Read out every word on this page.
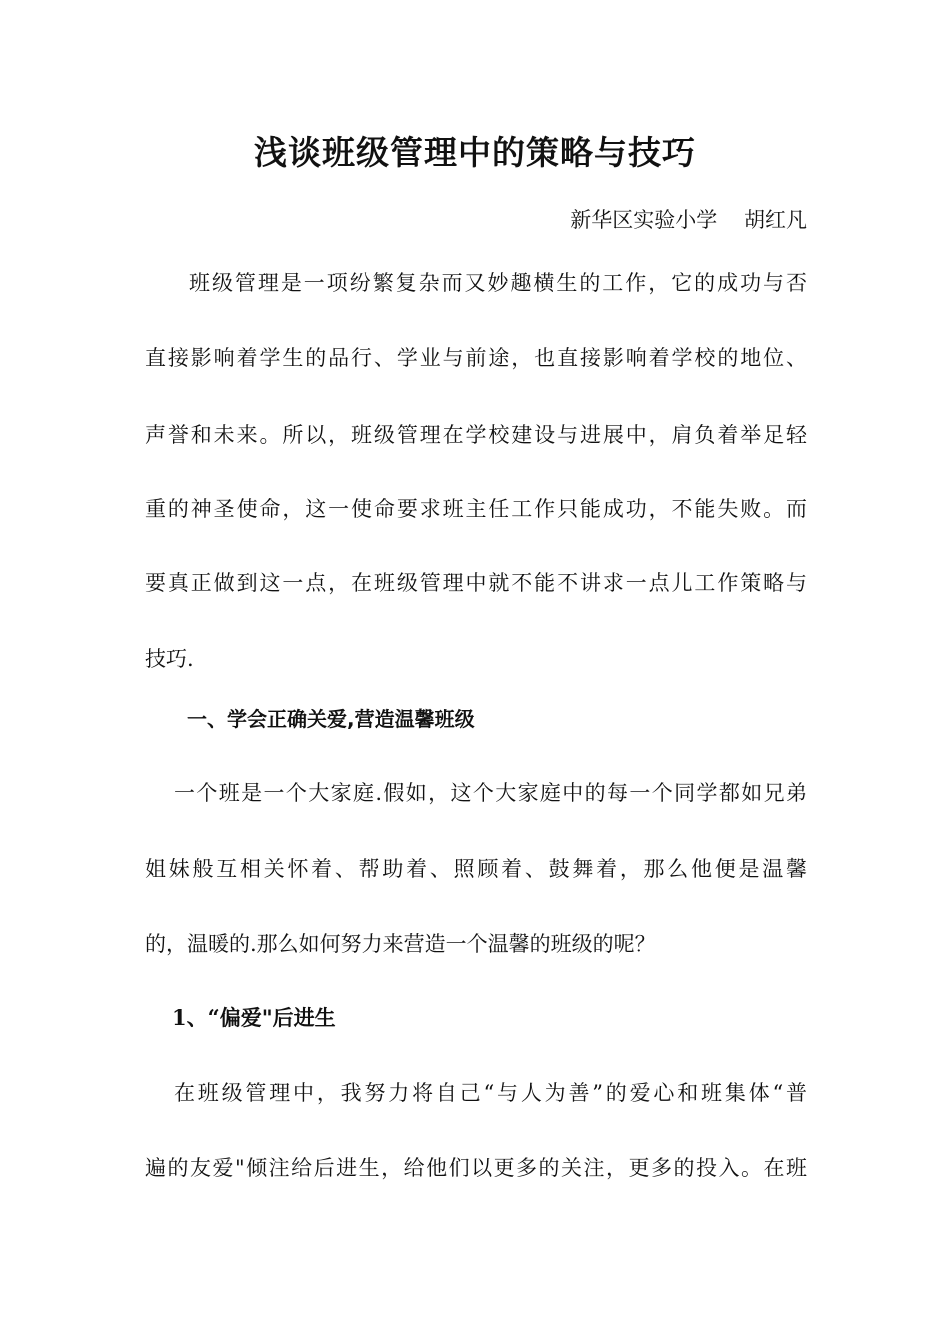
浅谈班级管理中的策略与技巧
新华区实验小学    胡红凡

班级管理是一项纷繁复杂而又妙趣横生的工作，它的成功与否

直接影响着学生的品行、学业与前途，也直接影响着学校的地位、

声誉和未来。所以，班级管理在学校建设与进展中，肩负着举足轻

重的神圣使命，这一使命要求班主任工作只能成功，不能失败。而

要真正做到这一点，在班级管理中就不能不讲求一点儿工作策略与

技巧.

一、学会正确关爱,营造温馨班级

一个班是一个大家庭.假如，这个大家庭中的每一个同学都如兄弟

姐妹般互相关怀着、帮助着、照顾着、鼓舞着，那么他便是温馨

的，温暖的.那么如何努力来营造一个温馨的班级的呢？

1、“偏爱"后进生

在班级管理中，我努力将自己“与人为善”的爱心和班集体“普

遍的友爱"倾注给后进生，给他们以更多的关注，更多的投入。在班
